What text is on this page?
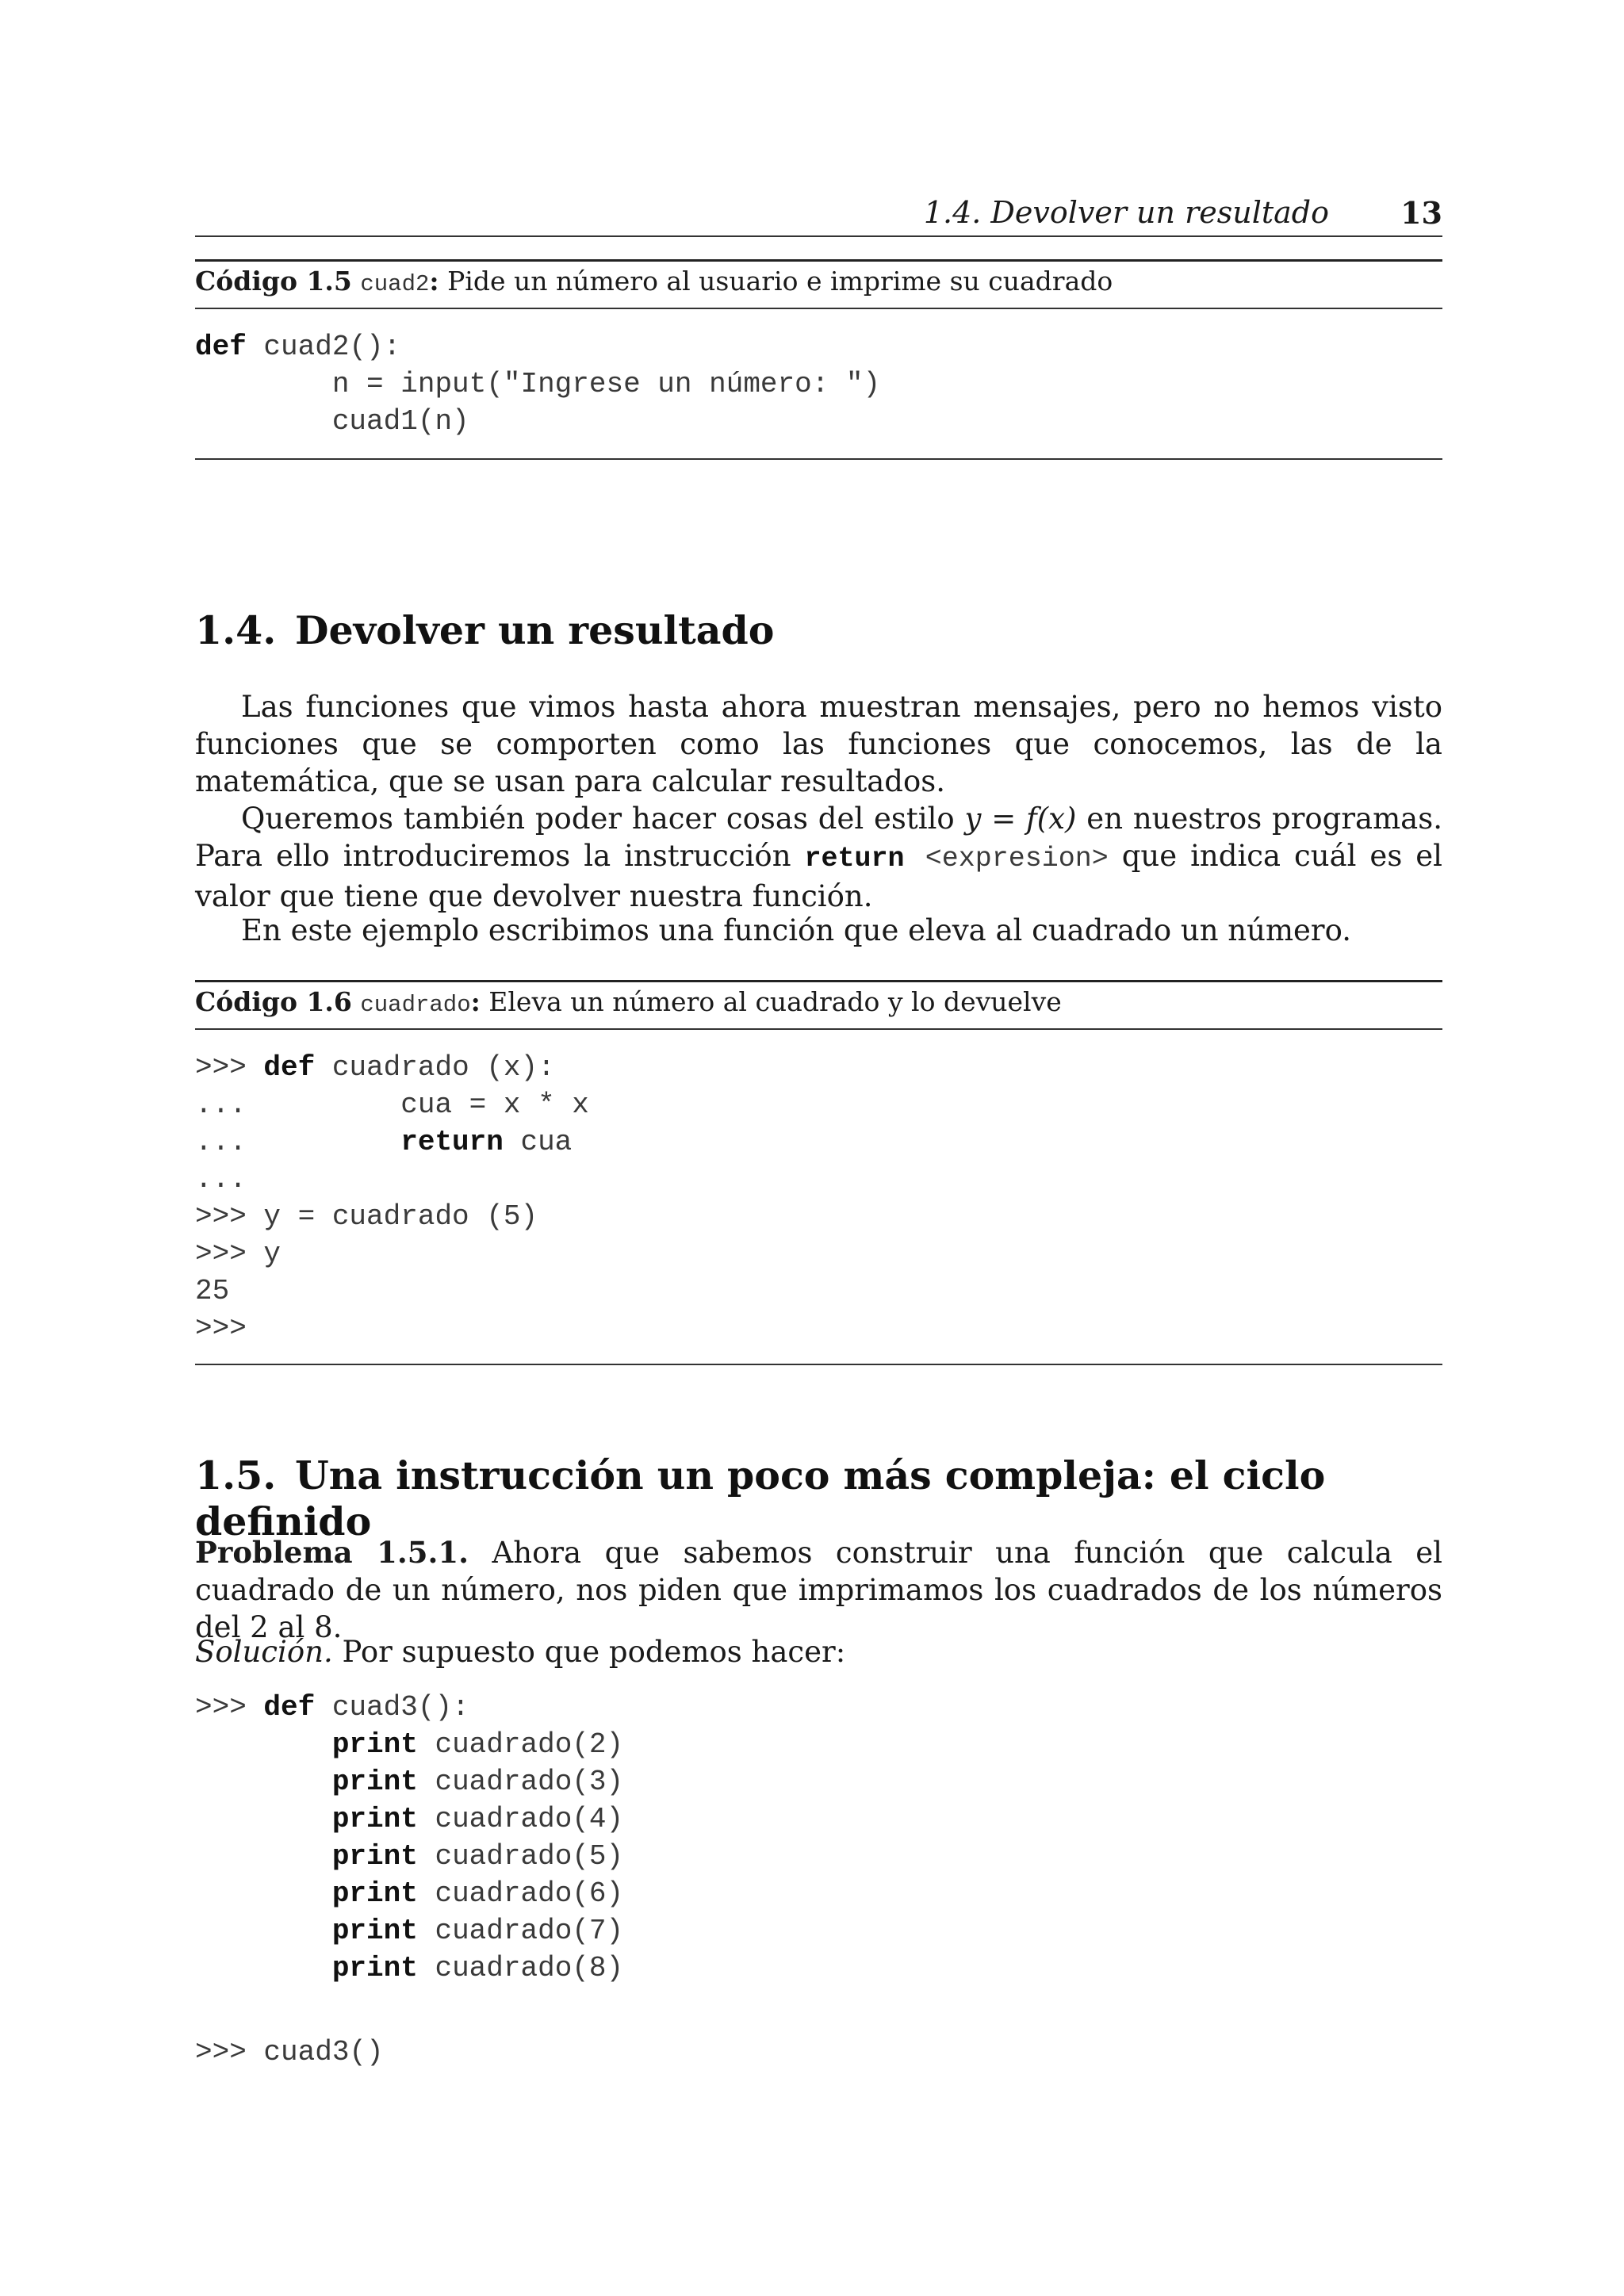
1.4. Devolver un resultado 13
Código 1.5 cuad2: Pide un número al usuario e imprime su cuadrado
def cuad2():
n = input("Ingrese un número: ")
cuad1(n)
1.4. Devolver un resultado
Las funciones que vimos hasta ahora muestran mensajes, pero no hemos visto funciones que se comporten como las funciones que conocemos, las de la matemática, que se usan para calcular resultados.
Queremos también poder hacer cosas del estilo y = f(x) en nuestros programas. Para ello introduciremos la instrucción return <expresion> que indica cuál es el valor que tiene que devolver nuestra función.
En este ejemplo escribimos una función que eleva al cuadrado un número.
Código 1.6 cuadrado: Eleva un número al cuadrado y lo devuelve
>>> def cuadrado (x):
...         cua = x * x
...         return cua
...
>>> y = cuadrado (5)
>>> y
25
>>>
1.5. Una instrucción un poco más compleja: el ciclo definido
Problema 1.5.1. Ahora que sabemos construir una función que calcula el cuadrado de un número, nos piden que imprimamos los cuadrados de los números del 2 al 8.
Solución. Por supuesto que podemos hacer:
>>> def cuad3():
print cuadrado(2)
print cuadrado(3)
print cuadrado(4)
print cuadrado(5)
print cuadrado(6)
print cuadrado(7)
print cuadrado(8)
>>> cuad3()
